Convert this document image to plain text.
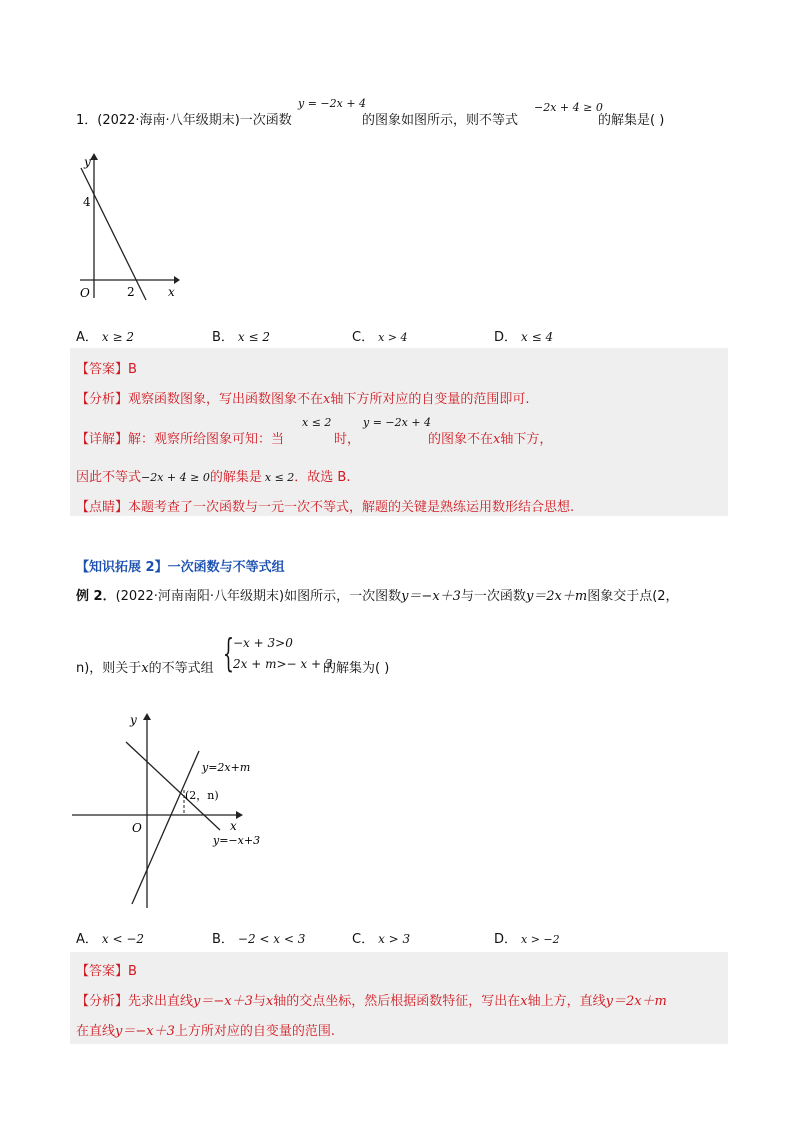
1．(2022·海南·八年级期末)一次函数
y = −2x + 4
的图象如图所示，则不等式
−2x + 4 ≥ 0
的解集是( )
y
x
O
4
2
A． x ≥ 2	B． x ≤ 2	C． x > 4	D． x ≤ 4
【答案】B
【分析】观察函数图象，写出函数图象不在x轴下方所对应的自变量的范围即可.
【详解】解：观察所给图象可知：当
x ≤ 2
时，
y = −2x + 4
的图象不在x轴下方，
因此不等式−2x + 4 ≥ 0的解集是 x ≤ 2．故选 B.
【点睛】本题考查了一次函数与一元一次不等式，解题的关键是熟练运用数形结合思想.
【知识拓展 2】一次函数与不等式组
例 2．(2022·河南南阳·八年级期末)如图所示，一次图数y＝−x＋3与一次函数y＝2x＋m图象交于点(2，
n)，则关于x的不等式组 { −x + 3>0
2x + m>− x + 3
的解集为( )
y
x
O
y=2x+m
y=−x+3
(2，n)
A． x < −2	B． −2 < x < 3	C． x > 3	D． x > −2
【答案】B
【分析】先求出直线y＝−x＋3与x轴的交点坐标，然后根据函数特征，写出在x轴上方，直线y＝2x＋m
在直线y＝−x＋3上方所对应的自变量的范围.
